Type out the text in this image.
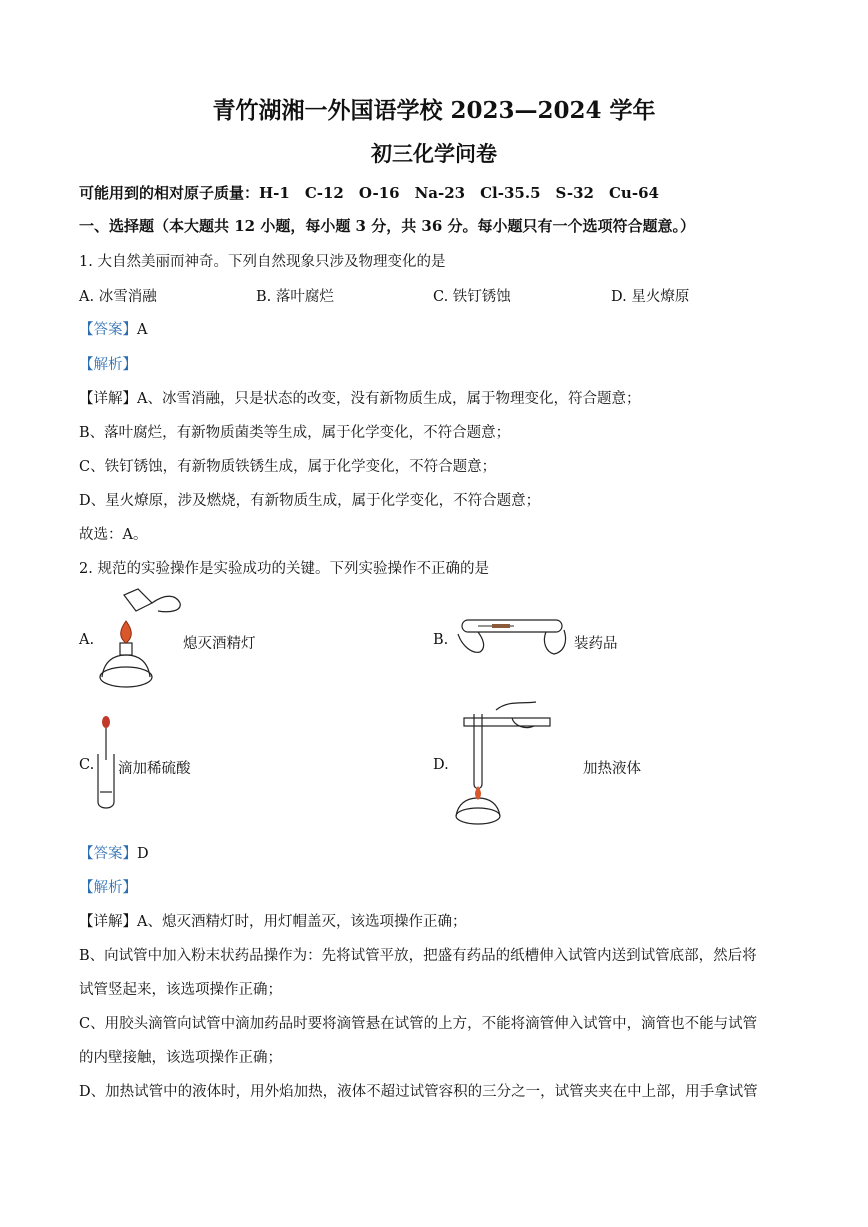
青竹湖湘一外国语学校 2023—2024 学年
初三化学问卷
可能用到的相对原子质量：H-1　C-12　O-16　Na-23　Cl-35.5　S-32　Cu-64
一、选择题（本大题共 12 小题，每小题 3 分，共 36 分。每小题只有一个选项符合题意。）
1. 大自然美丽而神奇。下列自然现象只涉及物理变化的是
A. 冰雪消融	B. 落叶腐烂	C. 铁钉锈蚀	D. 星火燎原
【答案】A
【解析】
【详解】A、冰雪消融，只是状态的改变，没有新物质生成，属于物理变化，符合题意；
B、落叶腐烂，有新物质菌类等生成，属于化学变化，不符合题意；
C、铁钉锈蚀，有新物质铁锈生成，属于化学变化，不符合题意；
D、星火燎原，涉及燃烧，有新物质生成，属于化学变化，不符合题意；
故选：A。
2. 规范的实验操作是实验成功的关键。下列实验操作不正确的是
A.	熄灭酒精灯	B.	装药品
C. 滴加稀硫酸	D.	加热液体
【答案】D
【解析】
【详解】A、熄灭酒精灯时，用灯帽盖灭，该选项操作正确；
B、向试管中加入粉末状药品操作为：先将试管平放，把盛有药品的纸槽伸入试管内送到试管底部，然后将
试管竖起来，该选项操作正确；
C、用胶头滴管向试管中滴加药品时要将滴管悬在试管的上方，不能将滴管伸入试管中，滴管也不能与试管
的内壁接触，该选项操作正确；
D、加热试管中的液体时，用外焰加热，液体不超过试管容积的三分之一，试管夹夹在中上部，用手拿试管
